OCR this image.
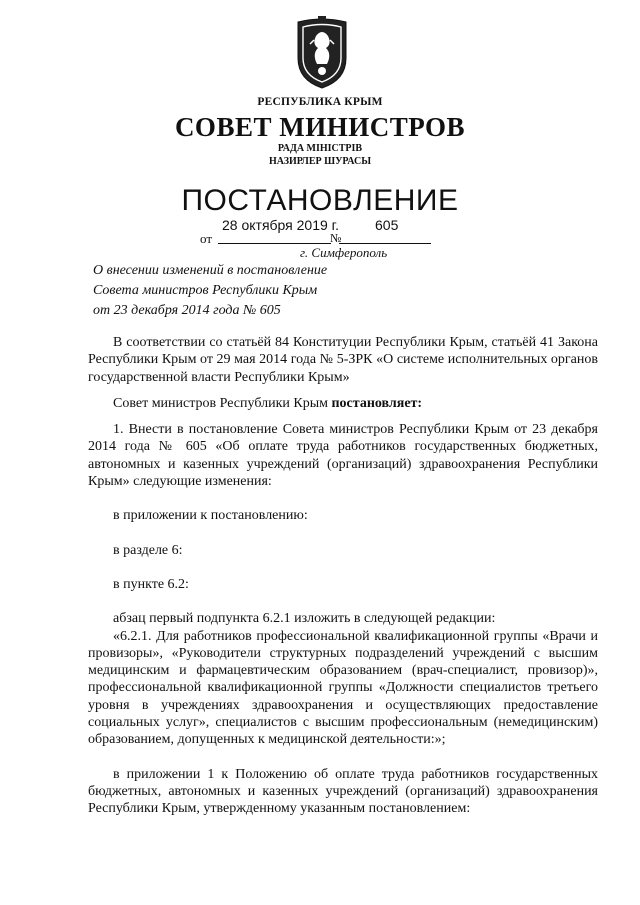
РЕСПУБЛИКА КРЫМ
СОВЕТ МИНИСТРОВ
РАДА МІНІСТРІВ
НАЗИРЛЕР ШУРАСЫ
ПОСТАНОВЛЕНИЕ
от
28 октября 2019 г.
№
605
г. Симферополь
О внесении изменений в постановление
Совета министров Республики Крым
от 23 декабря 2014 года № 605

В соответствии со статьёй 84 Конституции Республики Крым, статьёй 41 Закона Республики Крым от 29 мая 2014 года № 5-ЗРК «О системе исполнительных органов государственной власти Республики Крым»

Совет министров Республики Крым постановляет:

1. Внести в постановление Совета министров Республики Крым от 23 декабря 2014 года № 605 «Об оплате труда работников государственных бюджетных, автономных и казенных учреждений (организаций) здравоохранения Республики Крым» следующие изменения:

в приложении к постановлению:

в разделе 6:

в пункте 6.2:

абзац первый подпункта 6.2.1 изложить в следующей редакции:

«6.2.1. Для работников профессиональной квалификационной группы «Врачи и провизоры», «Руководители структурных подразделений учреждений с высшим медицинским и фармацевтическим образованием (врач-специалист, провизор)», профессиональной квалификационной группы «Должности специалистов третьего уровня в учреждениях здравоохранения и осуществляющих предоставление социальных услуг», специалистов с высшим профессиональным (немедицинским) образованием, допущенных к медицинской деятельности:»;

в приложении 1 к Положению об оплате труда работников государственных бюджетных, автономных и казенных учреждений (организаций) здравоохранения Республики Крым, утвержденному указанным постановлением:
